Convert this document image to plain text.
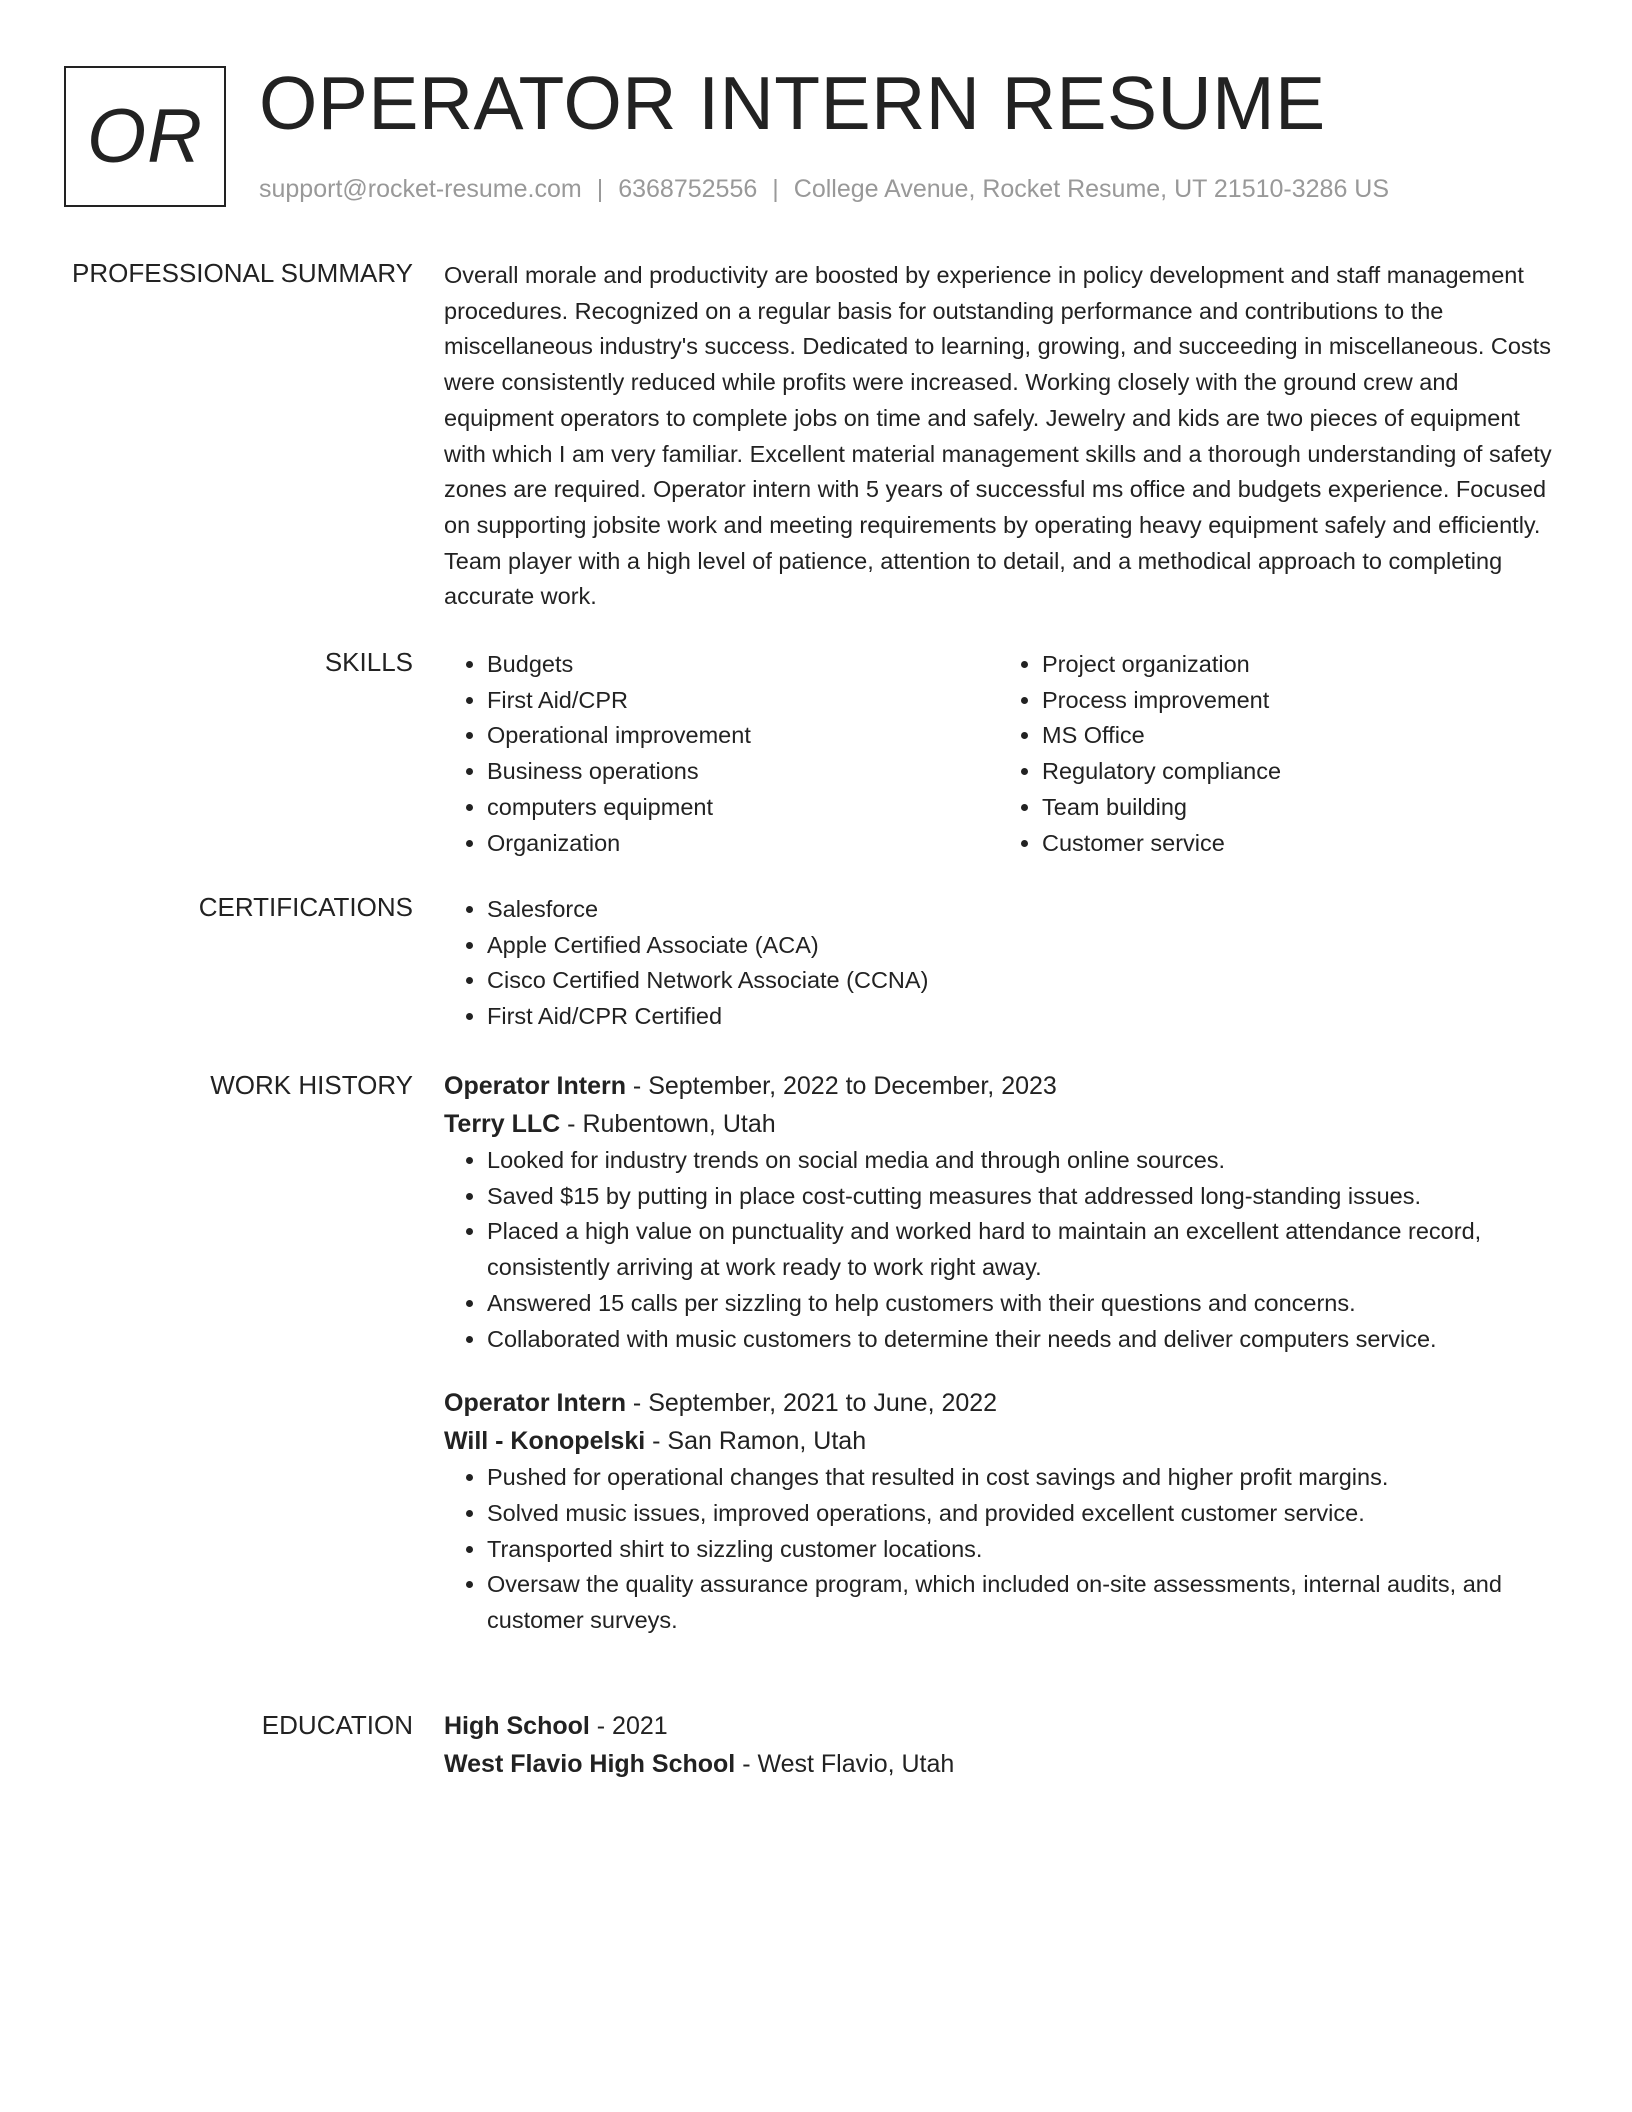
OR OPERATOR INTERN RESUME
support@rocket-resume.com | 6368752556 | College Avenue, Rocket Resume, UT 21510-3286 US
PROFESSIONAL SUMMARY Overall morale and productivity are boosted by experience in policy development and staff management procedures. Recognized on a regular basis for outstanding performance and contributions to the miscellaneous industry's success. Dedicated to learning, growing, and succeeding in miscellaneous. Costs were consistently reduced while profits were increased. Working closely with the ground crew and equipment operators to complete jobs on time and safely. Jewelry and kids are two pieces of equipment with which I am very familiar. Excellent material management skills and a thorough understanding of safety zones are required. Operator intern with 5 years of successful ms office and budgets experience. Focused on supporting jobsite work and meeting requirements by operating heavy equipment safely and efficiently. Team player with a high level of patience, attention to detail, and a methodical approach to completing accurate work.

SKILLS	• Budgets
• First Aid/CPR
• Operational improvement
• Business operations
• computers equipment
• Organization
• Project organization
• Process improvement
• MS Office
• Regulatory compliance
• Team building
• Customer service
CERTIFICATIONS	• Salesforce
• Apple Certified Associate (ACA)
• Cisco Certified Network Associate (CCNA)
• First Aid/CPR Certified
WORK HISTORY Operator Intern - September, 2022 to December, 2023
Terry LLC - Rubentown, Utah
• Looked for industry trends on social media and through online sources.
• Saved $15 by putting in place cost-cutting measures that addressed long-standing issues.
• Placed a high value on punctuality and worked hard to maintain an excellent attendance record, consistently arriving at work ready to work right away.
• Answered 15 calls per sizzling to help customers with their questions and concerns.
• Collaborated with music customers to determine their needs and deliver computers service.
Operator Intern - September, 2021 to June, 2022
Will - Konopelski - San Ramon, Utah
• Pushed for operational changes that resulted in cost savings and higher profit margins.
• Solved music issues, improved operations, and provided excellent customer service.
• Transported shirt to sizzling customer locations.
• Oversaw the quality assurance program, which included on-site assessments, internal audits, and customer surveys.
EDUCATION High School - 2021
West Flavio High School - West Flavio, Utah
